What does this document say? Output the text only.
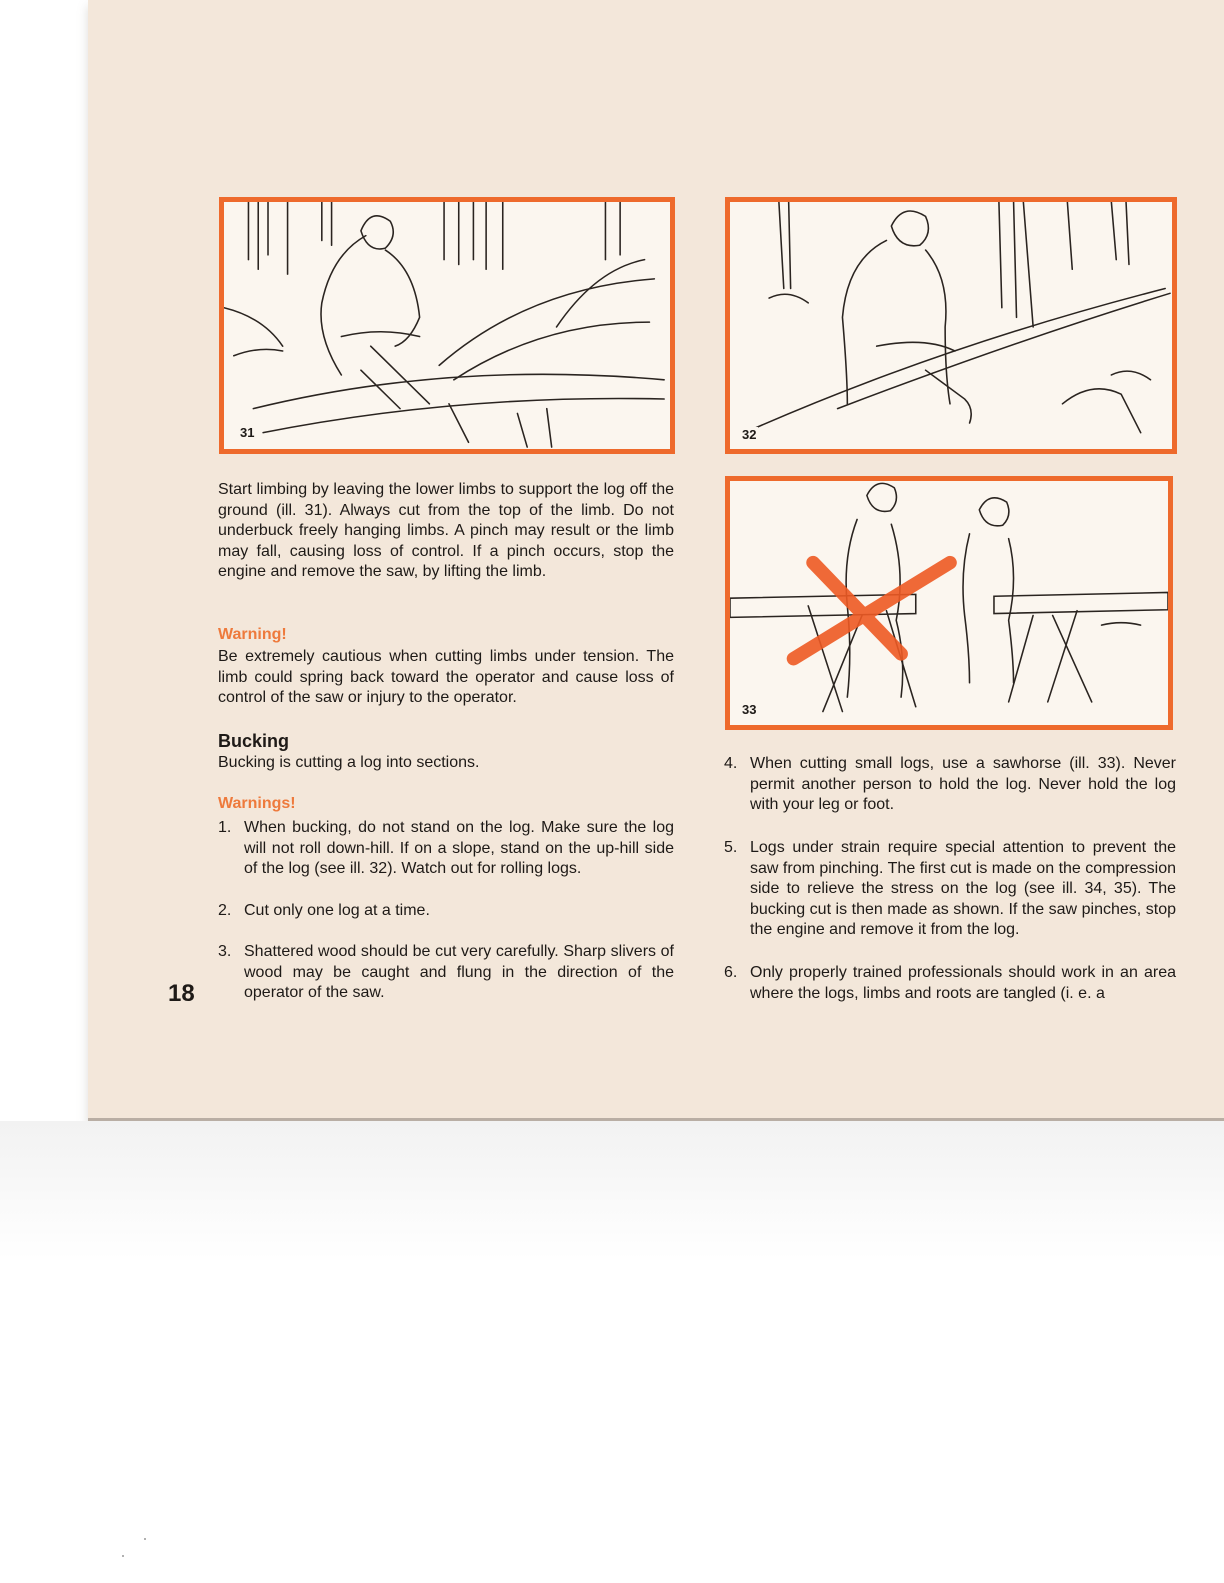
31	32
33

Start limbing by leaving the lower limbs to support the log off the ground (ill. 31). Always cut from the top of the limb. Do not underbuck freely hanging limbs. A pinch may result or the limb may fall, causing loss of control. If a pinch occurs, stop the engine and remove the saw, by lifting the limb.

Warning!

Be extremely cautious when cutting limbs under tension. The limb could spring back toward the operator and cause loss of control of the saw or injury to the operator.

Bucking

Bucking is cutting a log into sections.

Warnings!

1. When bucking, do not stand on the log. Make sure the log will not roll down-hill. If on a slope, stand on the up-hill side of the log (see ill. 32). Watch out for rolling logs.
2. Cut only one log at a time.
3. Shattered wood should be cut very carefully. Sharp slivers of wood may be caught and flung in the direction of the operator of the saw.

18

4. When cutting small logs, use a sawhorse (ill. 33). Never permit another person to hold the log. Never hold the log with your leg or foot.
5. Logs under strain require special attention to prevent the saw from pinching. The first cut is made on the compression side to relieve the stress on the log (see ill. 34, 35). The bucking cut is then made as shown. If the saw pinches, stop the engine and remove it from the log.
6. Only properly trained professionals should work in an area where the logs, limbs and roots are tangled (i. e. a
